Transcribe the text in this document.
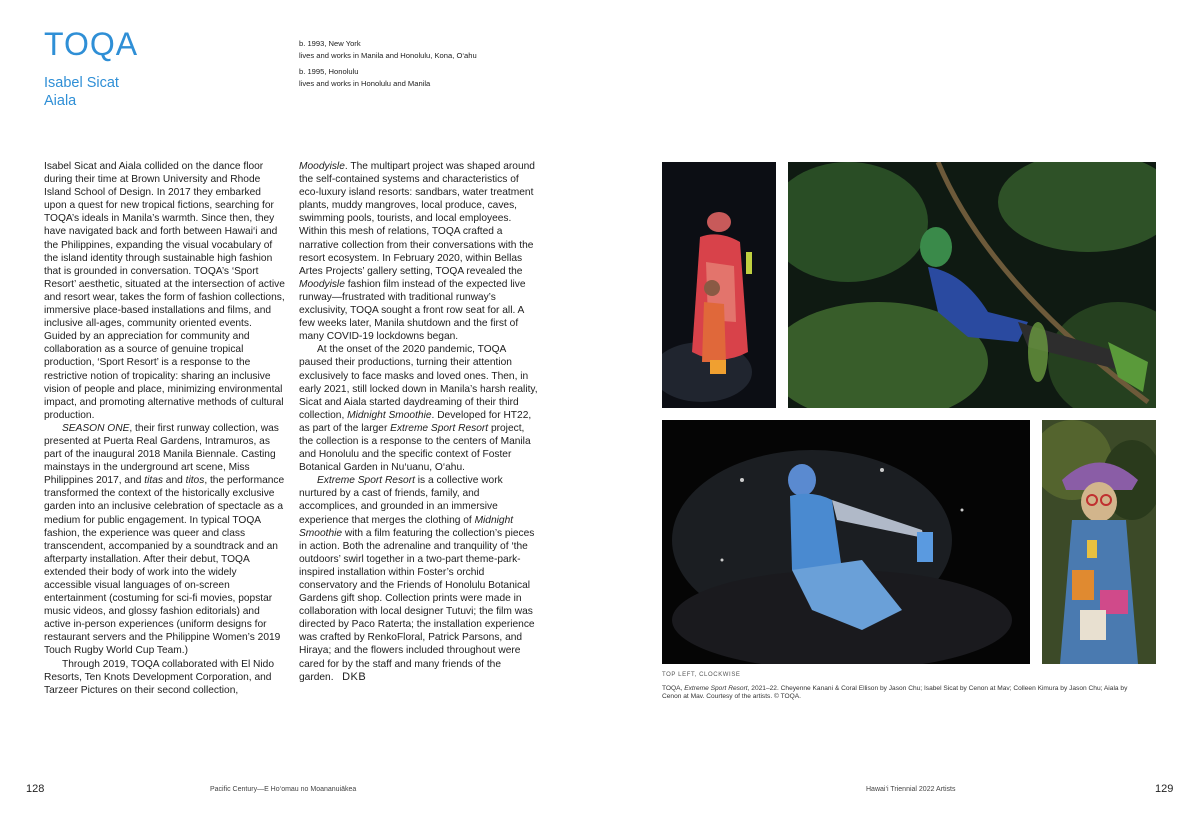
TOQA
Isabel Sicat
Aiala
b. 1993, New York
lives and works in Manila and Honolulu, Kona, O‘ahu
b. 1995, Honolulu
lives and works in Honolulu and Manila

Isabel Sicat and Aiala collided on the dance floor during their time at Brown University and Rhode Island School of Design. In 2017 they embarked upon a quest for new tropical fictions, searching for TOQA’s ideals in Manila’s warmth. Since then, they have navigated back and forth between Hawai‘i and the Philippines, expanding the visual vocabulary of the island identity through sustainable high fashion that is grounded in conversation. TOQA’s ‘Sport Resort’ aesthetic, situated at the intersection of active and resort wear, takes the form of fashion collections, immersive place-based installations and films, and inclusive all-ages, community oriented events. Guided by an appreciation for community and collaboration as a source of genuine tropical production, ‘Sport Resort’ is a response to the restrictive notion of tropicality: sharing an inclusive vision of people and place, minimizing environmental impact, and promoting alternative methods of cultural production.

SEASON ONE, their first runway collection, was presented at Puerta Real Gardens, Intramuros, as part of the inaugural 2018 Manila Biennale. Casting mainstays in the underground art scene, Miss Philippines 2017, and titas and titos, the performance transformed the context of the historically exclusive garden into an inclusive celebration of spectacle as a medium for public engagement. In typical TOQA fashion, the experience was queer and class transcendent, accompanied by a soundtrack and an afterparty installation. After their debut, TOQA extended their body of work into the widely accessible visual languages of on-screen entertainment (costuming for sci-fi movies, popstar music videos, and glossy fashion editorials) and active in-person experiences (uniform designs for restaurant servers and the Philippine Women’s 2019 Touch Rugby World Cup Team.)

Through 2019, TOQA collaborated with El Nido Resorts, Ten Knots Development Corporation, and Tarzeer Pictures on their second collection,

Moodyisle. The multipart project was shaped around the self-contained systems and characteristics of eco-luxury island resorts: sandbars, water treatment plants, muddy mangroves, local produce, caves, swimming pools, tourists, and local employees. Within this mesh of relations, TOQA crafted a narrative collection from their conversations with the resort ecosystem. In February 2020, within Bellas Artes Projects’ gallery setting, TOQA revealed the Moodyisle fashion film instead of the expected live runway—frustrated with traditional runway’s exclusivity, TOQA sought a front row seat for all. A few weeks later, Manila shutdown and the first of many COVID-19 lockdowns began.

At the onset of the 2020 pandemic, TOQA paused their productions, turning their attention exclusively to face masks and loved ones. Then, in early 2021, still locked down in Manila’s harsh reality, Sicat and Aiala started daydreaming of their third collection, Midnight Smoothie. Developed for HT22, as part of the larger Extreme Sport Resort project, the collection is a response to the centers of Manila and Honolulu and the specific context of Foster Botanical Garden in Nu‘uanu, O‘ahu.

Extreme Sport Resort is a collective work nurtured by a cast of friends, family, and accomplices, and grounded in an immersive experience that merges the clothing of Midnight Smoothie with a film featuring the collection’s pieces in action. Both the adrenaline and tranquility of ‘the outdoors’ swirl together in a two-part theme-park-inspired installation within Foster’s orchid conservatory and the Friends of Honolulu Botanical Gardens gift shop. Collection prints were made in collaboration with local designer Tutuvi; the film was directed by Paco Raterta; the installation experience was crafted by RenkoFloral, Patrick Parsons, and Hiraya; and the flowers included throughout were cared for by the staff and many friends of the garden. DKB	TOP LEFT, CLOCKWISE
TOQA, Extreme Sport Resort, 2021–22. Cheyenne Kanani & Coral Ellison by Jason Chu; Isabel Sicat by Cenon at Mav; Colleen Kimura by Jason Chu; Aiala by Cenon at Mav. Courtesy of the artists. © TOQA.
128	Pacific Century—E Ho‘omau no Moananuiākea	Hawai‘i Triennial 2022 Artists	129
